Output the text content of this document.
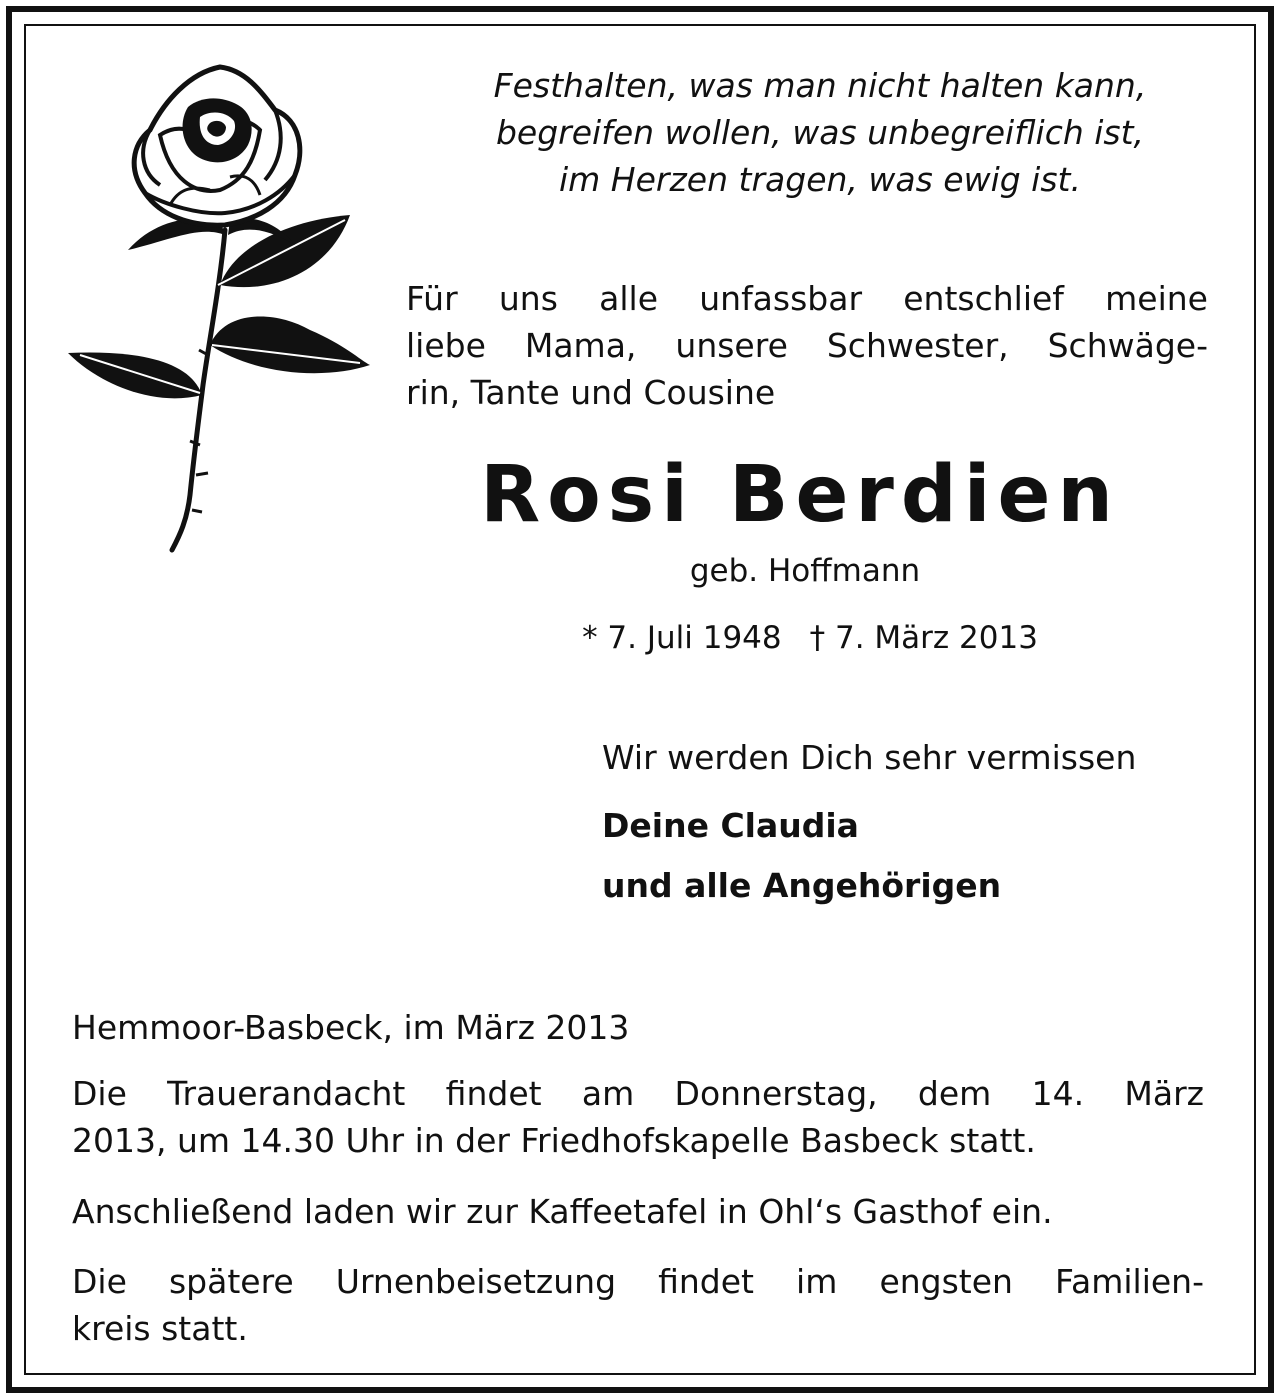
Festhalten, was man nicht halten kann,
begreifen wollen, was unbegreiflich ist,
im Herzen tragen, was ewig ist.
Für uns alle unfassbar entschlief meine
liebe Mama, unsere Schwester, Schwäge-
rin, Tante und Cousine
Rosi Berdien
geb. Hoffmann
* 7. Juli 1948 † 7. März 2013
Wir werden Dich sehr vermissen
Deine Claudia
und alle Angehörigen
Hemmoor-Basbeck, im März 2013
Die Trauerandacht findet am Donnerstag, dem 14. März
2013, um 14.30 Uhr in der Friedhofskapelle Basbeck statt.
Anschließend laden wir zur Kaffeetafel in Ohl‘s Gasthof ein.
Die spätere Urnenbeisetzung findet im engsten Familien-
kreis statt.
